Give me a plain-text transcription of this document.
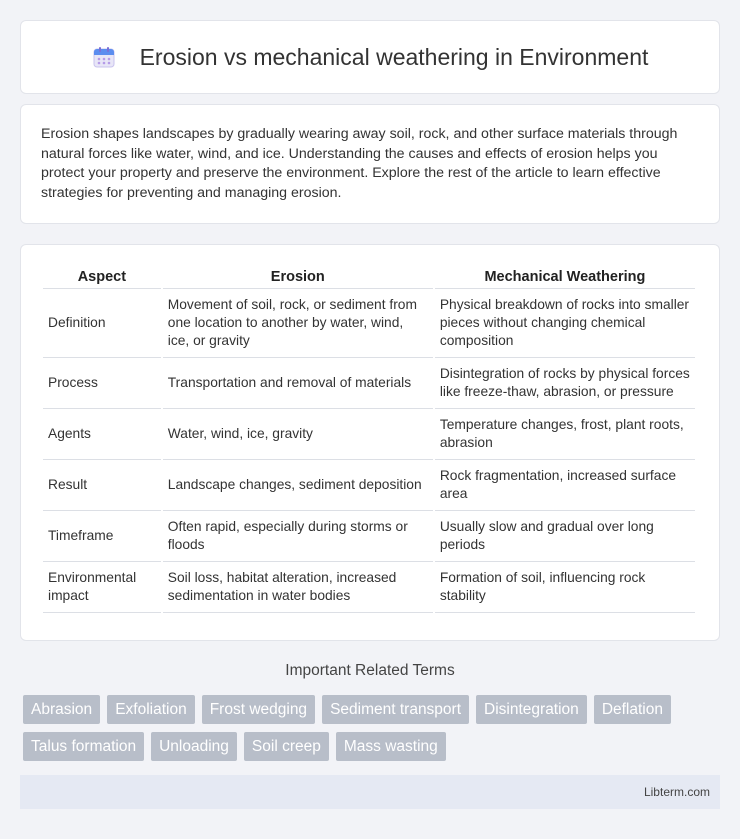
Erosion vs mechanical weathering in Environment

Erosion shapes landscapes by gradually wearing away soil, rock, and other surface materials through natural forces like water, wind, and ice. Understanding the causes and effects of erosion helps you protect your property and preserve the environment. Explore the rest of the article to learn effective strategies for preventing and managing erosion.

Aspect	Erosion	Mechanical Weathering
Definition	Movement of soil, rock, or sediment from one location to another by water, wind, ice, or gravity	Physical breakdown of rocks into smaller pieces without changing chemical composition
Process	Transportation and removal of materials	Disintegration of rocks by physical forces like freeze-thaw, abrasion, or pressure
Agents	Water, wind, ice, gravity	Temperature changes, frost, plant roots, abrasion
Result	Landscape changes, sediment deposition	Rock fragmentation, increased surface area
Timeframe	Often rapid, especially during storms or floods	Usually slow and gradual over long periods
Environmental impact	Soil loss, habitat alteration, increased sedimentation in water bodies	Formation of soil, influencing rock stability
Important Related Terms
Abrasion	Exfoliation	Frost wedging	Sediment transport	Disintegration	Deflation
Talus formation	Unloading	Soil creep	Mass wasting
Libterm.com
